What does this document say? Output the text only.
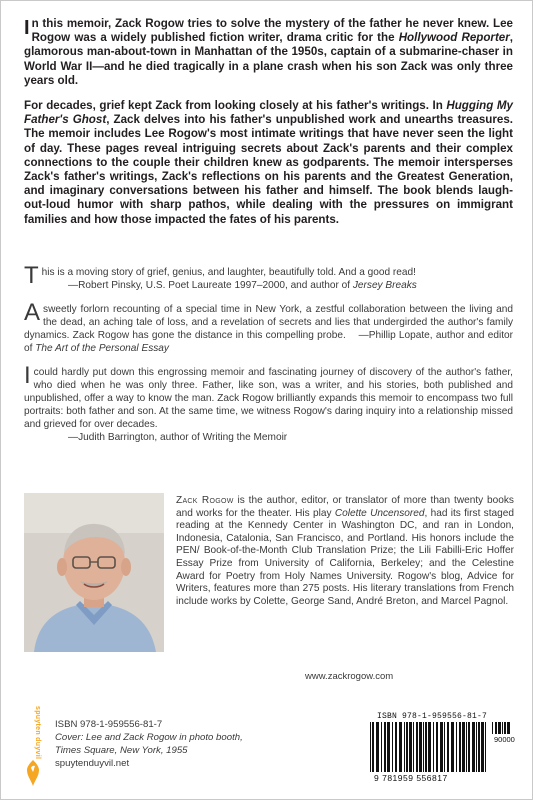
In this memoir, Zack Rogow tries to solve the mystery of the father he never knew. Lee Rogow was a widely published fiction writer, drama critic for the Hollywood Reporter, glamorous man-about-town in Manhattan of the 1950s, captain of a submarine-chaser in World War II—and he died tragically in a plane crash when his son Zack was only three years old.

For decades, grief kept Zack from looking closely at his father's writings. In Hugging My Father's Ghost, Zack delves into his father's unpublished work and unearths treasures. The memoir includes Lee Rogow's most intimate writings that have never seen the light of day. These pages reveal intriguing secrets about Zack's parents and their complex connections to the couple their children knew as godparents. The memoir intersperses Zack's father's writings, Zack's reflections on his parents and the Greatest Generation, and imaginary conversations between his father and himself. The book blends laugh-out-loud humor with sharp pathos, while dealing with the pressures on immigrant families and how those impacted the fates of his parents.

This is a moving story of grief, genius, and laughter, beautifully told. And a good read!
—Robert Pinsky, U.S. Poet Laureate 1997–2000, and author of Jersey Breaks
A sweetly forlorn recounting of a special time in New York, a zestful collaboration between the living and the dead, an aching tale of loss, and a revelation of secrets and lies that undergirded the author's family dynamics. Zack Rogow has gone the distance in this compelling probe. —Phillip Lopate, author and editor of The Art of the Personal Essay
I could hardly put down this engrossing memoir and fascinating journey of discovery of the author's father, who died when he was only three. Father, like son, was a writer, and his stories, both published and unpublished, offer a way to know the man. Zack Rogow brilliantly expands this memoir to encompass two full portraits: both father and son. At the same time, we witness Rogow's daring inquiry into a relationship missed and grieved for over decades.
—Judith Barrington, author of Writing the Memoir
Zack Rogow is the author, editor, or translator of more than twenty books and works for the theater. His play Colette Uncensored, had its first staged reading at the Kennedy Center in Washington DC, and ran in London, Indonesia, Catalonia, San Francisco, and Portland. His honors include the PEN/ Book-of-the-Month Club Translation Prize; the Lili Fabilli-Eric Hoffer Essay Prize from University of California, Berkeley; and the Celestine Award for Poetry from Holy Names University. Rogow's blog, Advice for Writers, features more than 275 posts. His literary translations from French include works by Colette, George Sand, André Breton, and Marcel Pagnol.
www.zackrogow.com
spuyten duyvil ISBN 978-1-959556-81-7
Cover: Lee and Zack Rogow in photo booth,
Times Square, New York, 1955
spuytenduyvil.net
ISBN 978-1-959556-81-7
90000
9 781959 556817
